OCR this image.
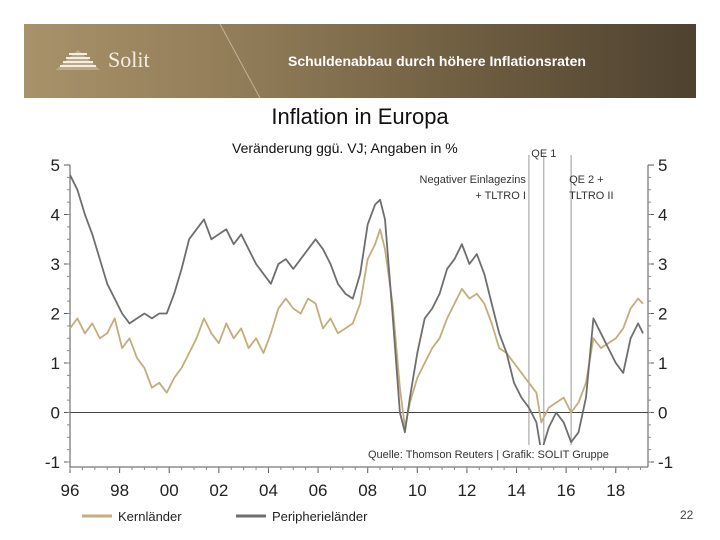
Solit	Schuldenabbau durch höhere Inflationsraten
Inflation in Europa
Veränderung ggü. VJ; Angaben in %
-1	-1
0	0
1	1
2	2
3	3
4	4
5	5
96 98 00 02 04 06 08 10 12 14 16 18
Negativer Einlagezins
+ TLTRO I
QE 1
QE 2 +
TLTRO II
Quelle: Thomson Reuters | Grafik: SOLIT Gruppe
Kernländer	Peripherieländer	22
